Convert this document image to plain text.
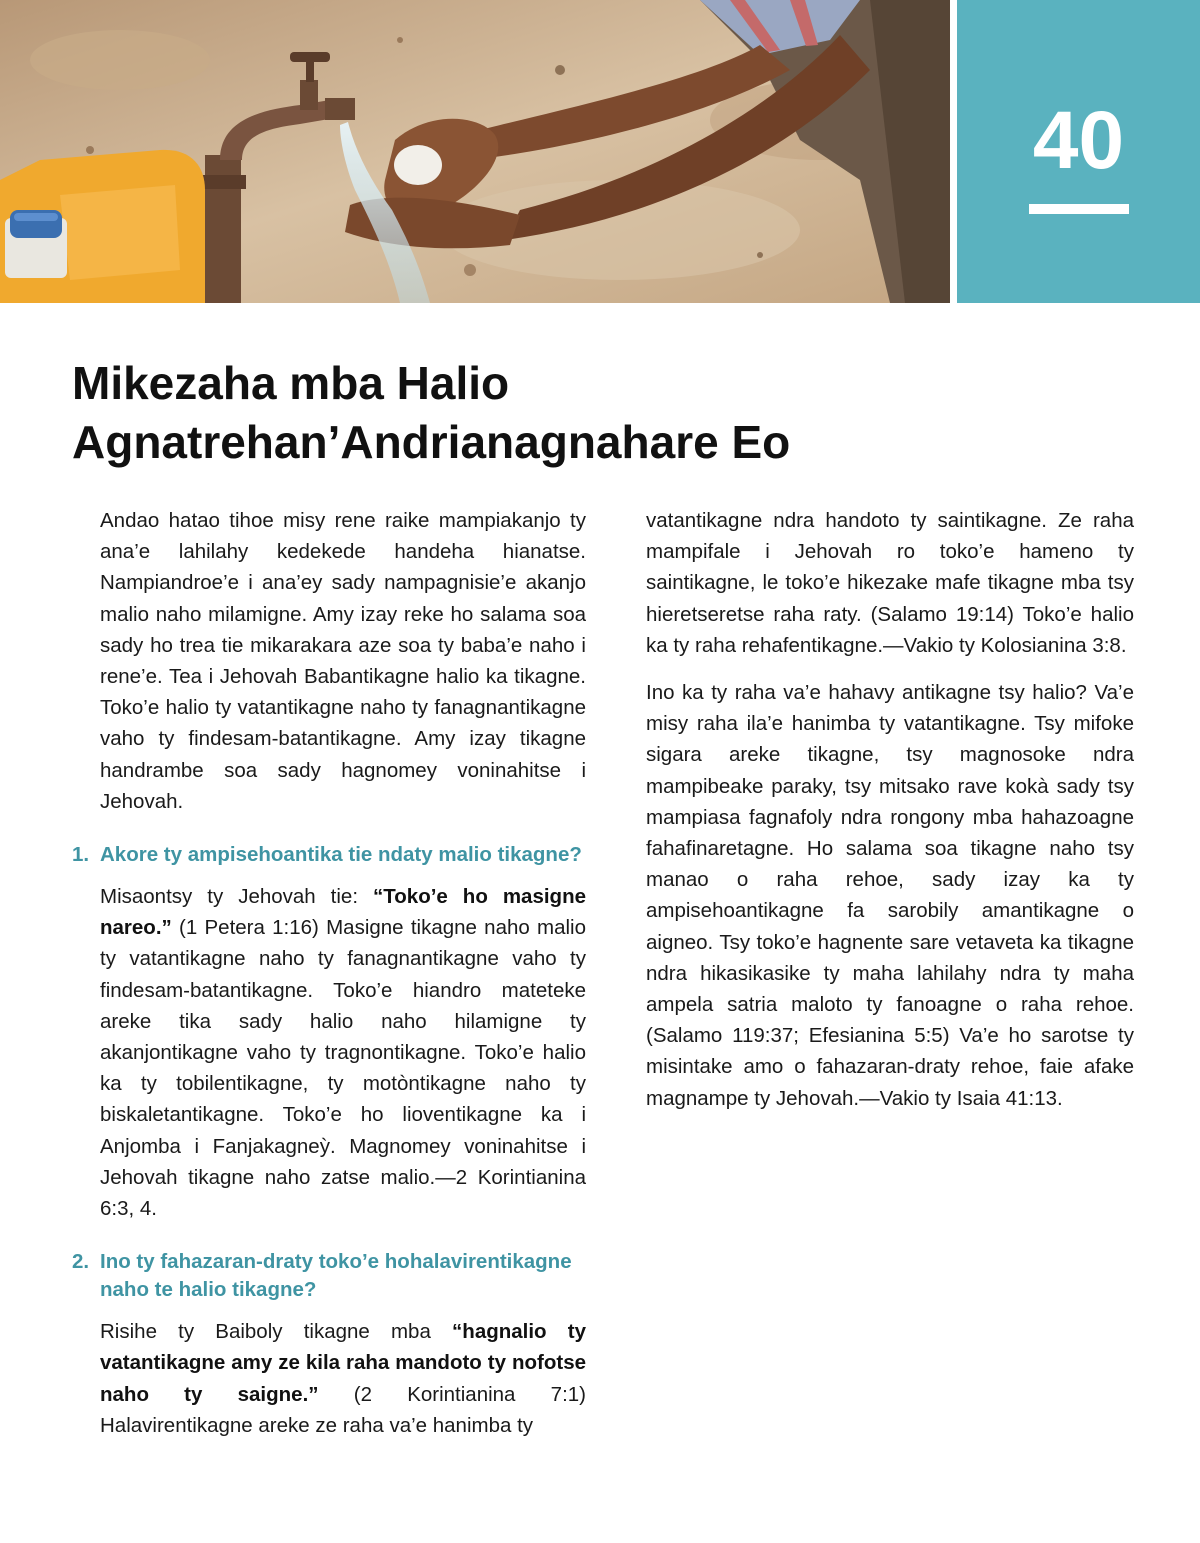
40
Mikezaha mba Halio
Agnatrehan’Andrianagnahare Eo

Andao hatao tihoe misy rene raike mampiakanjo ty ana’e lahilahy kedekede handeha hianatse. Nampiandroe’e i ana’ey sady nampagnisie’e akanjo malio naho milamigne. Amy izay reke ho salama soa sady ho trea tie mikarakara aze soa ty baba’e naho i rene’e. Tea i Jehovah Babantikagne halio ka tikagne. Toko’e halio ty vatantikagne naho ty fanagnantikagne vaho ty findesam-batantikagne. Amy izay tikagne handrambe soa sady hagnomey voninahitse i Jehovah.

1. Akore ty ampisehoantika tie ndaty malio tikagne?

Misaontsy ty Jehovah tie: “Toko’e ho masigne nareo.” (1 Petera 1:16) Masigne tikagne naho malio ty vatantikagne naho ty fanagnantikagne vaho ty findesam-batantikagne. Toko’e hiandro mateteke areke tika sady halio naho hilamigne ty akanjontikagne vaho ty tragnontikagne. Toko’e halio ka ty tobilentikagne, ty motòntikagne naho ty biskaletantikagne. Toko’e ho lioventikagne ka i Anjomba i Fanjakagneỳ. Magnomey voninahitse i Jehovah tikagne naho zatse malio.—2 Korintianina 6:3, 4.

2. Ino ty fahazaran-draty toko’e hohalavirentikagne naho te halio tikagne?

Risihe ty Baiboly tikagne mba “hagnalio ty vatantikagne amy ze kila raha mandoto ty nofotse naho ty saigne.” (2 Korintianina 7:1) Halavirentikagne areke ze raha va’e hanimba ty

vatantikagne ndra handoto ty saintikagne. Ze raha mampifale i Jehovah ro toko’e hameno ty saintikagne, le toko’e hikezake mafe tikagne mba tsy hieretseretse raha raty. (Salamo 19:14) Toko’e halio ka ty raha rehafentikagne.—Vakio ty Kolosianina 3:8.

Ino ka ty raha va’e hahavy antikagne tsy halio? Va’e misy raha ila’e hanimba ty vatantikagne. Tsy mifoke sigara areke tikagne, tsy magnosoke ndra mampibeake paraky, tsy mitsako rave kokà sady tsy mampiasa fagnafoly ndra rongony mba hahazoagne fahafinaretagne. Ho salama soa tikagne naho tsy manao o raha rehoe, sady izay ka ty ampisehoantikagne fa sarobily amantikagne o aigneo. Tsy toko’e hagnente sare vetaveta ka tikagne ndra hikasikasike ty maha lahilahy ndra ty maha ampela satria maloto ty fanoagne o raha rehoe. (Salamo 119:37; Efesianina 5:5) Va’e ho sarotse ty misintake amo o fahazaran-draty rehoe, faie afake magnampe ty Jehovah.—Vakio ty Isaia 41:13.
